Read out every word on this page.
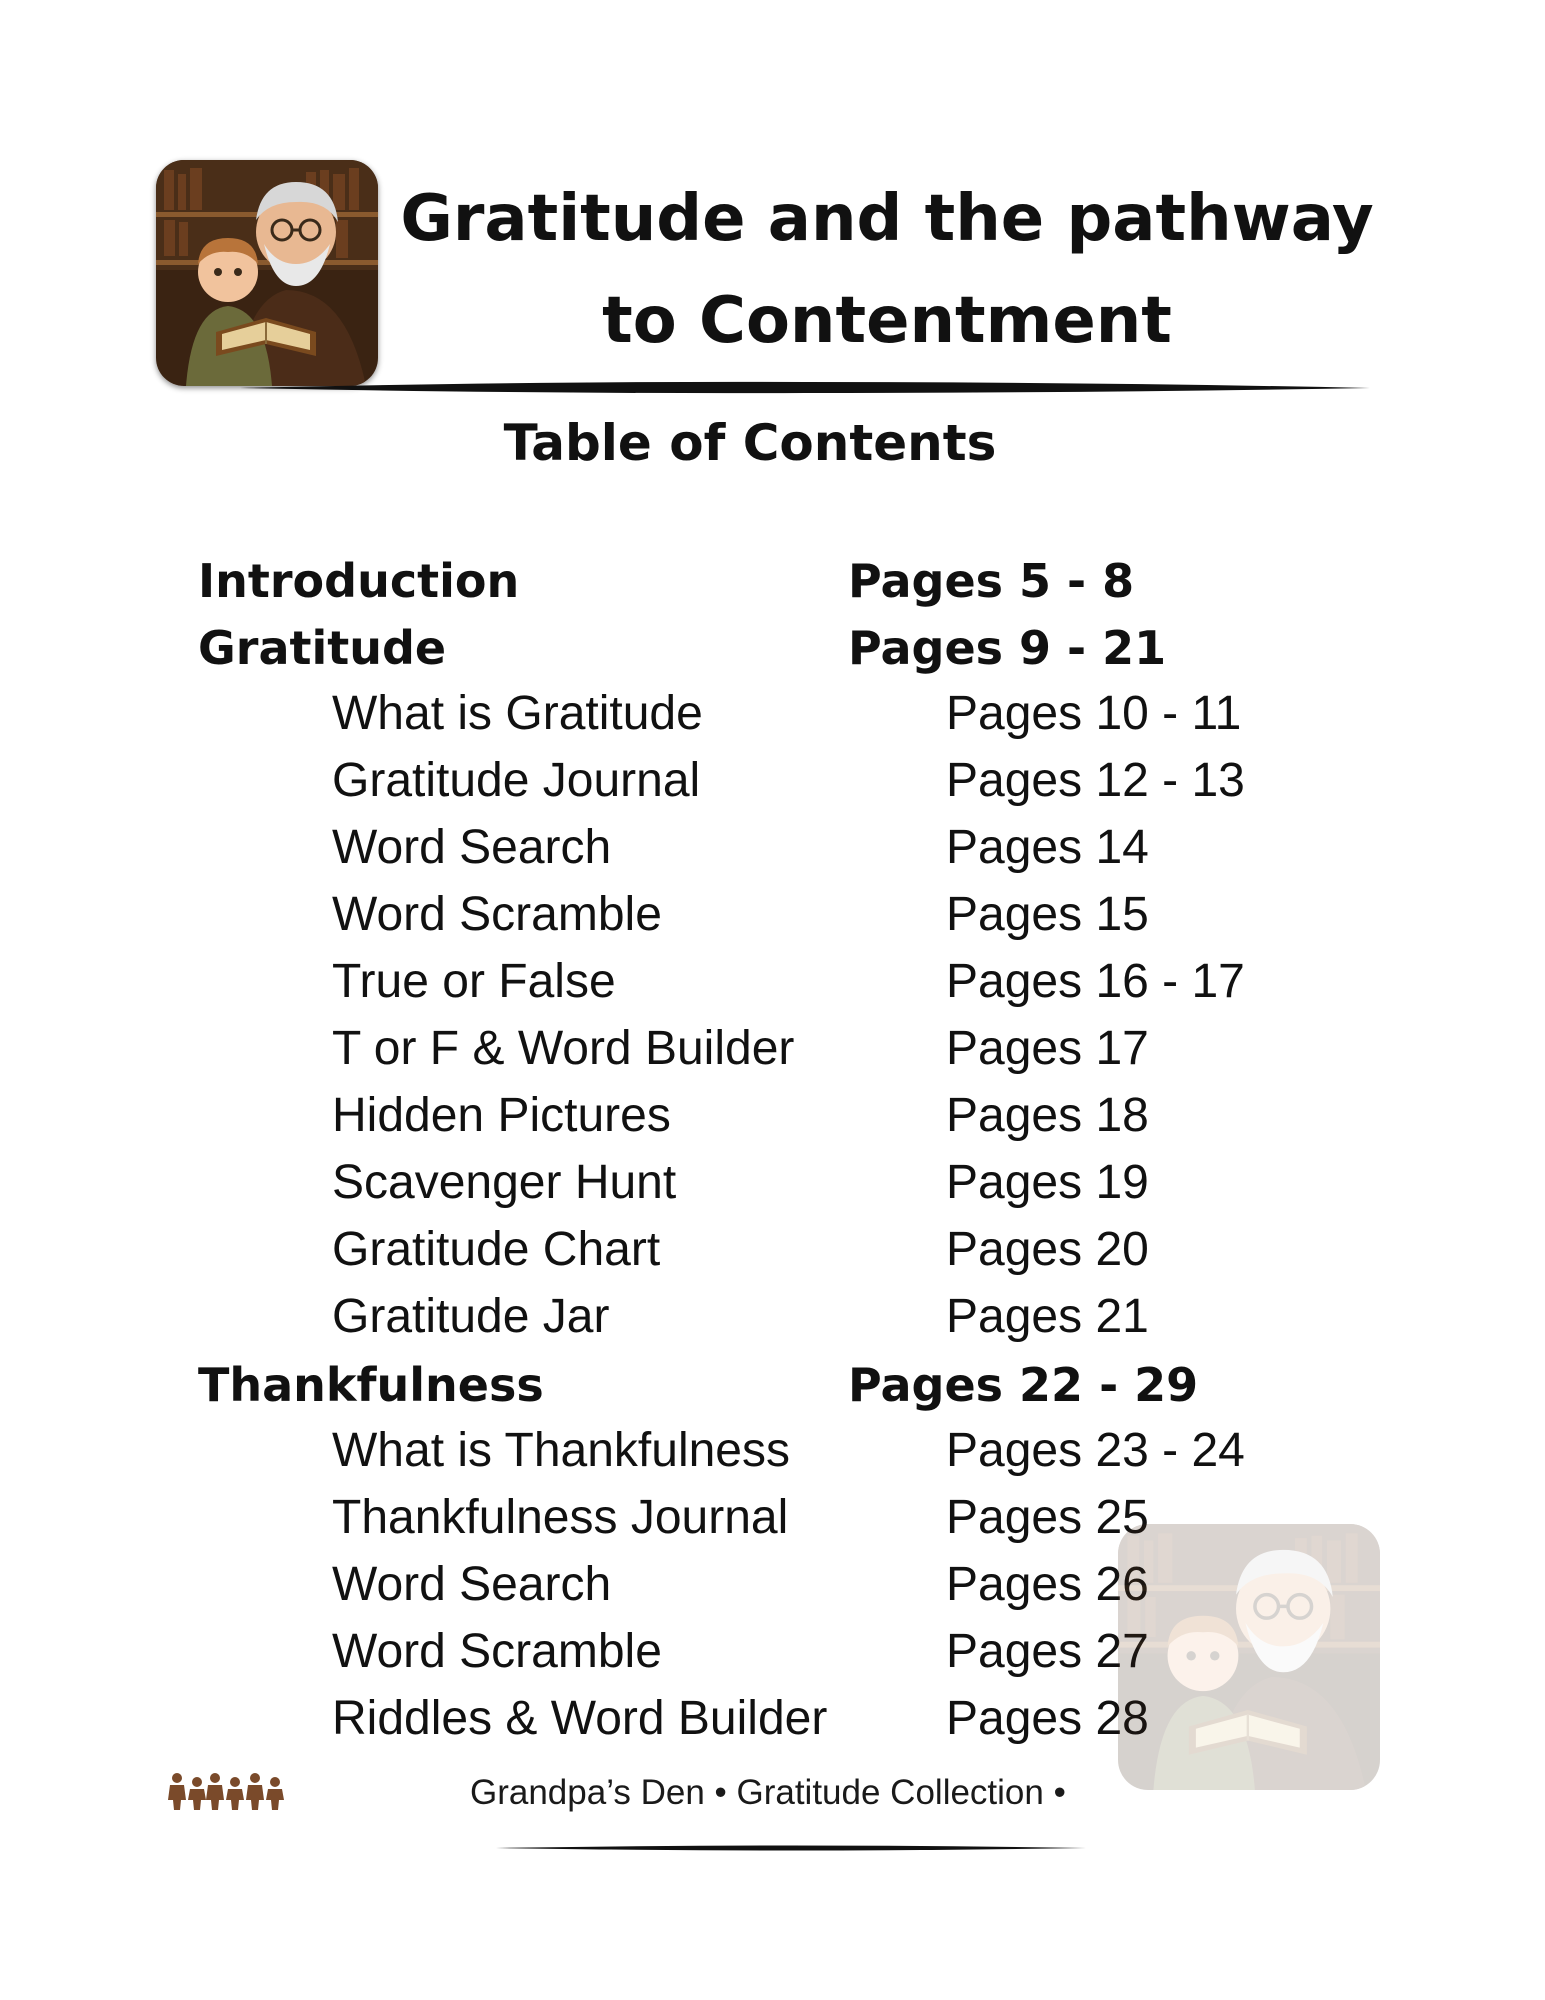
Gratitude and the pathway
to Contentment
Table of Contents
Introduction	Pages 5 - 8
Gratitude	Pages 9 - 21
What is Gratitude	Pages 10 - 11
Gratitude Journal	Pages 12 - 13
Word Search	Pages 14
Word Scramble	Pages 15
True or False	Pages 16 - 17
T or F & Word Builder	Pages 17
Hidden Pictures	Pages 18
Scavenger Hunt	Pages 19
Gratitude Chart	Pages 20
Gratitude Jar	Pages 21
Thankfulness	Pages 22 - 29
What is Thankfulness	Pages 23 - 24
Thankfulness Journal	Pages 25
Word Search	Pages 26
Word Scramble	Pages 27
Riddles & Word Builder Pages 28
Grandpa’s Den • Gratitude Collection •
